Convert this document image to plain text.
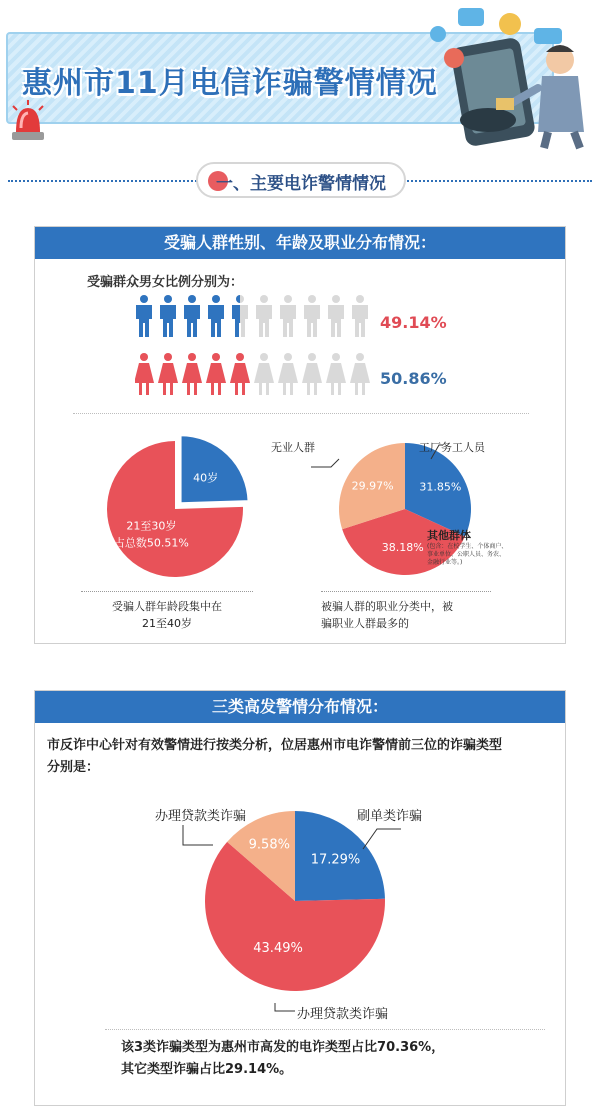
惠州市11月电信诈骗警情情况
一、主要电诈警情情况
受骗人群性别、年龄及职业分布情况：
受骗群众男女比例分别为：
49.14%
50.86%
40岁
21至30岁占总数50.51%
受骗人群年龄段集中在
21至40岁
31.85%
38.18%
29.97%
无业人群	工厂务工人员
其他群体
(包含：在校学生、个体商户、
事业单位、公职人员、务农、
金融行业等。)
被骗人群的职业分类中，被
骗职业人群最多的
三类高发警情分布情况：
市反诈中心针对有效警情进行按类分析，位居惠州市电诈警情前三位的诈骗类型
分别是：
17.29%
43.49%
9.58%
办理贷款类诈骗	刷单类诈骗
办理贷款类诈骗
该3类诈骗类型为惠州市高发的电诈类型占比70.36%，
其它类型诈骗占比29.14%。
